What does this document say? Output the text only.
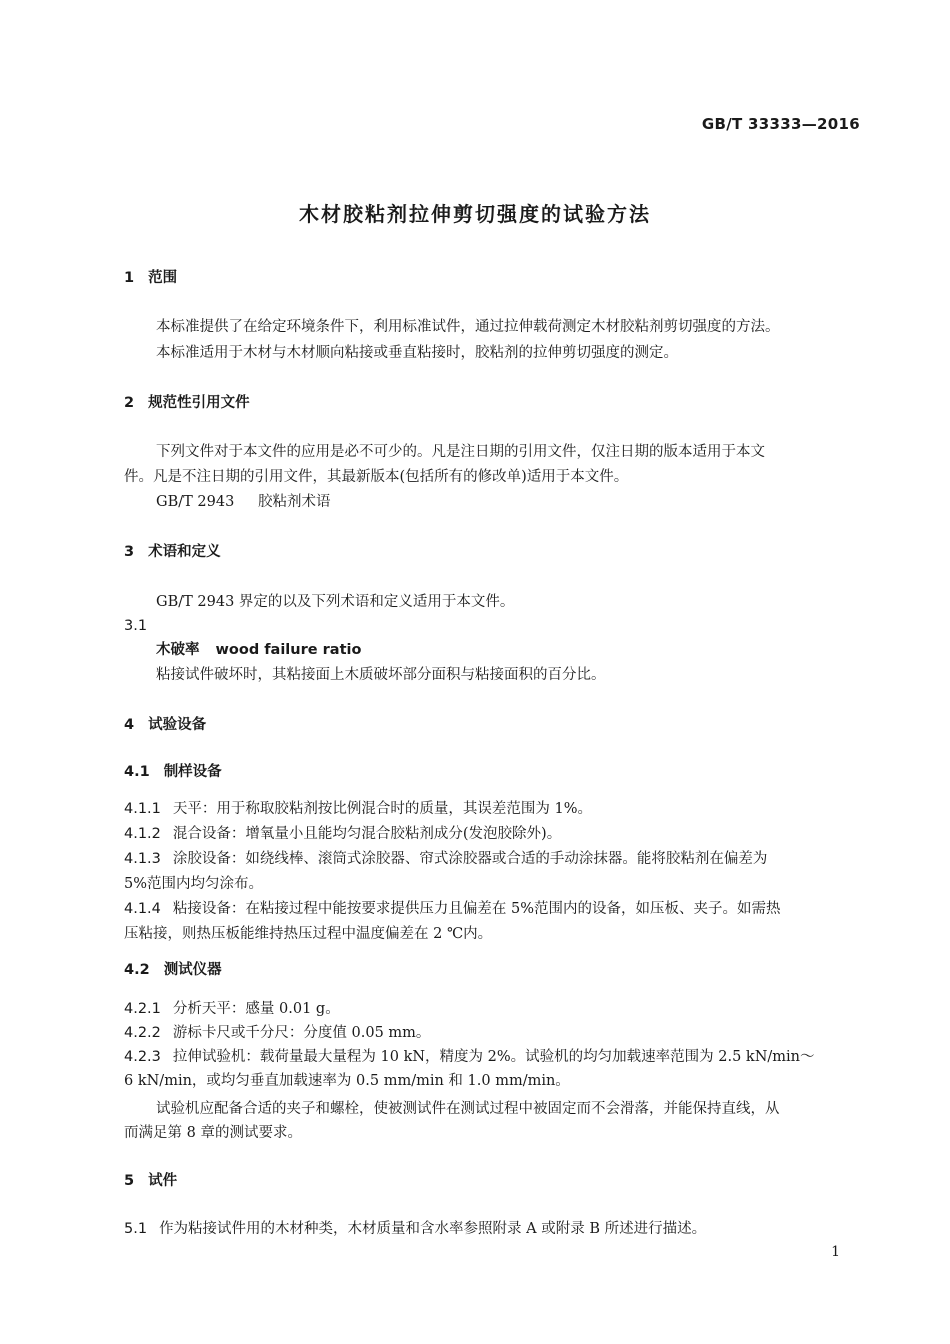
GB/T 33333—2016
木材胶粘剂拉伸剪切强度的试验方法
1 范围
本标准提供了在给定环境条件下，利用标准试件，通过拉伸载荷测定木材胶粘剂剪切强度的方法。
本标准适用于木材与木材顺向粘接或垂直粘接时，胶粘剂的拉伸剪切强度的测定。
2 规范性引用文件
下列文件对于本文件的应用是必不可少的。凡是注日期的引用文件，仅注日期的版本适用于本文
件。凡是不注日期的引用文件，其最新版本(包括所有的修改单)适用于本文件。
GB/T 2943 胶粘剂术语
3 术语和定义
GB/T 2943 界定的以及下列术语和定义适用于本文件。
3.1
木破率 wood failure ratio
粘接试件破坏时，其粘接面上木质破坏部分面积与粘接面积的百分比。
4 试验设备
4.1 制样设备
4.1.1 天平：用于称取胶粘剂按比例混合时的质量，其误差范围为 1%。
4.1.2 混合设备：增氧量小且能均匀混合胶粘剂成分(发泡胶除外)。
4.1.3 涂胶设备：如绕线棒、滚筒式涂胶器、帘式涂胶器或合适的手动涂抹器。能将胶粘剂在偏差为
5%范围内均匀涂布。
4.1.4 粘接设备：在粘接过程中能按要求提供压力且偏差在 5%范围内的设备，如压板、夹子。如需热
压粘接，则热压板能维持热压过程中温度偏差在 2 ℃内。
4.2 测试仪器
4.2.1 分析天平：感量 0.01 g。
4.2.2 游标卡尺或千分尺：分度值 0.05 mm。
4.2.3 拉伸试验机：载荷量最大量程为 10 kN，精度为 2%。试验机的均匀加载速率范围为 2.5 kN/min～
6 kN/min，或均匀垂直加载速率为 0.5 mm/min 和 1.0 mm/min。
试验机应配备合适的夹子和螺栓，使被测试件在测试过程中被固定而不会滑落，并能保持直线，从
而满足第 8 章的测试要求。
5 试件
5.1 作为粘接试件用的木材种类，木材质量和含水率参照附录 A 或附录 B 所述进行描述。
1
